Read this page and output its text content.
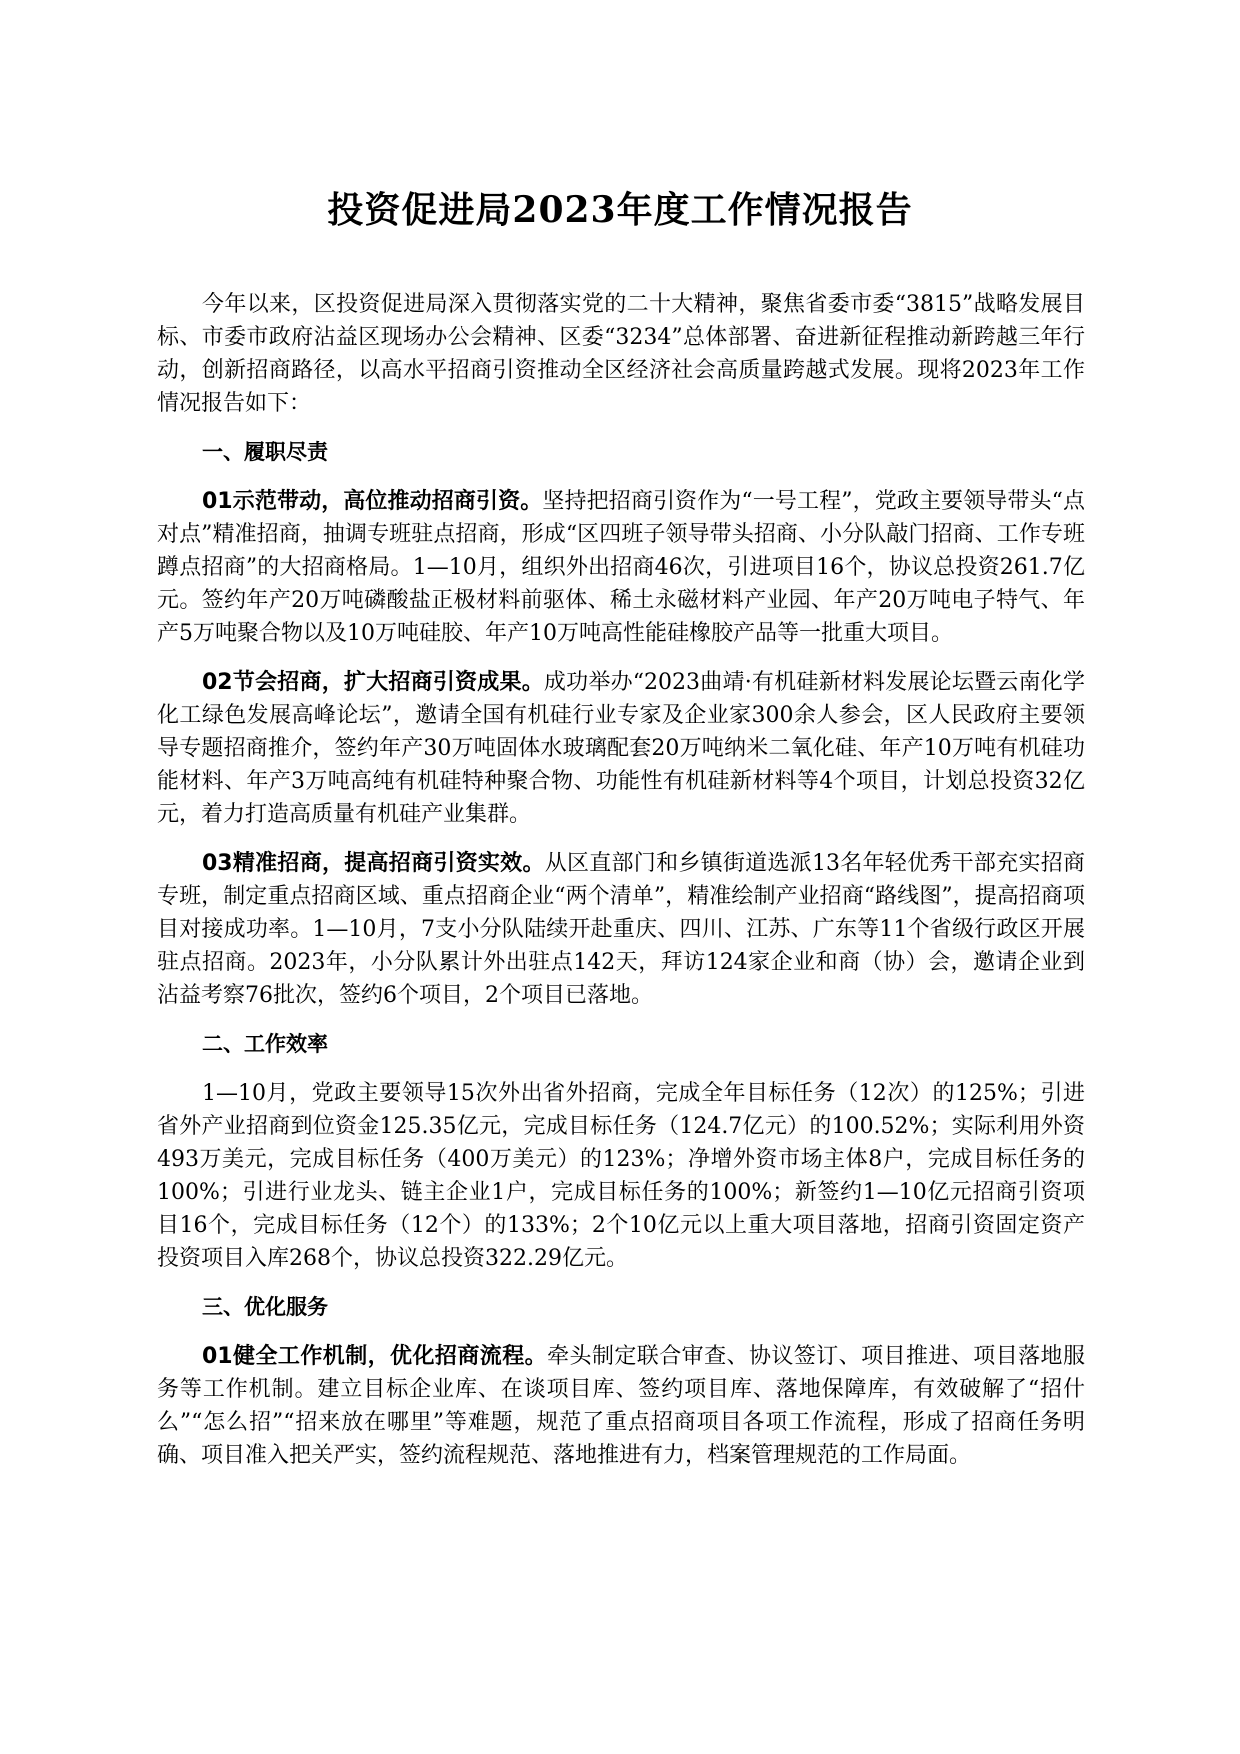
投资促进局2023年度工作情况报告

今年以来，区投资促进局深入贯彻落实党的二十大精神，聚焦省委市委“3815”战略发展目标、市委市政府沾益区现场办公会精神、区委“3234”总体部署、奋进新征程推动新跨越三年行动，创新招商路径，以高水平招商引资推动全区经济社会高质量跨越式发展。现将2023年工作情况报告如下：

一、履职尽责

01示范带动，高位推动招商引资。坚持把招商引资作为“一号工程”，党政主要领导带头“点对点”精准招商，抽调专班驻点招商，形成“区四班子领导带头招商、小分队敲门招商、工作专班蹲点招商”的大招商格局。1—10月，组织外出招商46次，引进项目16个，协议总投资261.7亿元。签约年产20万吨磷酸盐正极材料前驱体、稀土永磁材料产业园、年产20万吨电子特气、年产5万吨聚合物以及10万吨硅胶、年产10万吨高性能硅橡胶产品等一批重大项目。

02节会招商，扩大招商引资成果。成功举办“2023曲靖·有机硅新材料发展论坛暨云南化学化工绿色发展高峰论坛”，邀请全国有机硅行业专家及企业家300余人参会，区人民政府主要领导专题招商推介，签约年产30万吨固体水玻璃配套20万吨纳米二氧化硅、年产10万吨有机硅功能材料、年产3万吨高纯有机硅特种聚合物、功能性有机硅新材料等4个项目，计划总投资32亿元，着力打造高质量有机硅产业集群。

03精准招商，提高招商引资实效。从区直部门和乡镇街道选派13名年轻优秀干部充实招商专班，制定重点招商区域、重点招商企业“两个清单”，精准绘制产业招商“路线图”，提高招商项目对接成功率。1—10月，7支小分队陆续开赴重庆、四川、江苏、广东等11个省级行政区开展驻点招商。2023年，小分队累计外出驻点142天，拜访124家企业和商（协）会，邀请企业到沾益考察76批次，签约6个项目，2个项目已落地。

二、工作效率

1—10月，党政主要领导15次外出省外招商，完成全年目标任务（12次）的125%；引进省外产业招商到位资金125.35亿元，完成目标任务（124.7亿元）的100.52%；实际利用外资493万美元，完成目标任务（400万美元）的123%；净增外资市场主体8户，完成目标任务的100%；引进行业龙头、链主企业1户，完成目标任务的100%；新签约1—10亿元招商引资项目16个，完成目标任务（12个）的133%；2个10亿元以上重大项目落地，招商引资固定资产投资项目入库268个，协议总投资322.29亿元。

三、优化服务

01健全工作机制，优化招商流程。牵头制定联合审查、协议签订、项目推进、项目落地服务等工作机制。建立目标企业库、在谈项目库、签约项目库、落地保障库，有效破解了“招什么”“怎么招”“招来放在哪里”等难题，规范了重点招商项目各项工作流程，形成了招商任务明确、项目准入把关严实，签约流程规范、落地推进有力，档案管理规范的工作局面。
